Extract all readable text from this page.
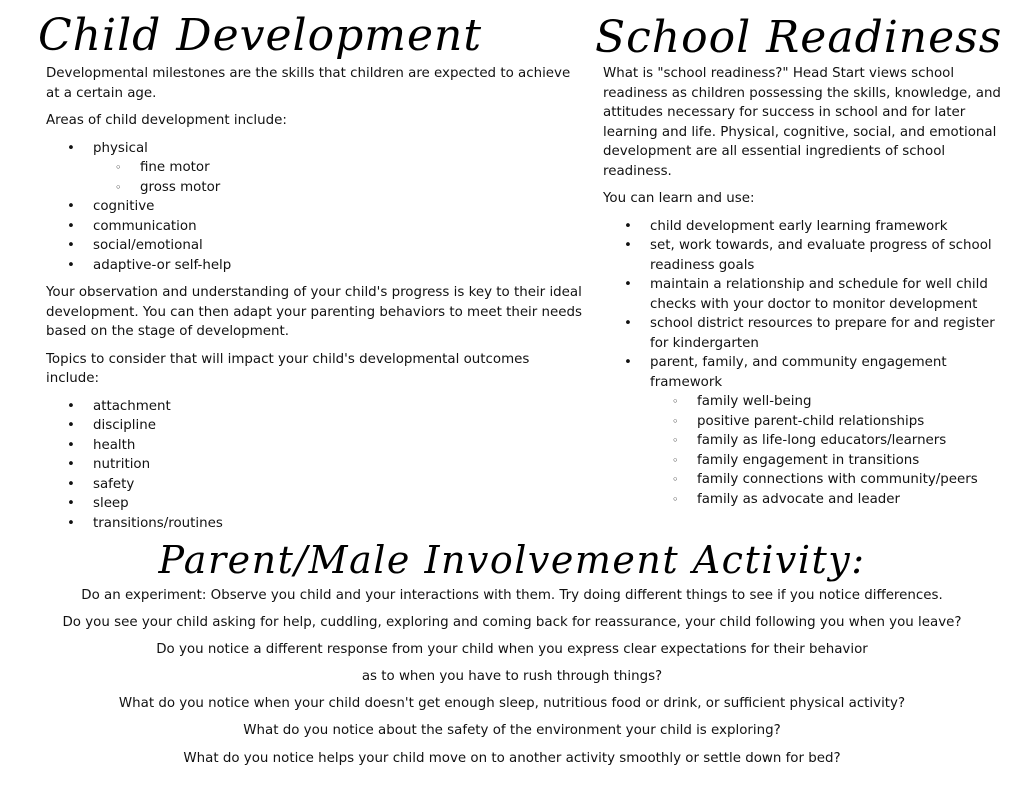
Child Development

Developmental milestones are the skills that children are expected to achieve at a certain age.

Areas of child development include:

• physical
◦ fine motor
◦ gross motor
• cognitive
• communication
• social/emotional
• adaptive-or self-help

Your observation and understanding of your child's progress is key to their ideal development. You can then adapt your parenting behaviors to meet their needs based on the stage of development.

Topics to consider that will impact your child's developmental outcomes include:

• attachment
• discipline
• health
• nutrition
• safety
• sleep
• transitions/routines
School Readiness

What is "school readiness?" Head Start views school readiness as children possessing the skills, knowledge, and attitudes necessary for success in school and for later learning and life. Physical, cognitive, social, and emotional development are all essential ingredients of school readiness.

You can learn and use:

• child development early learning framework
• set, work towards, and evaluate progress of school readiness goals
• maintain a relationship and schedule for well child checks with your doctor to monitor development
• school district resources to prepare for and register for kindergarten
• parent, family, and community engagement framework
◦ family well-being
◦ positive parent-child relationships
◦ family as life-long educators/learners
◦ family engagement in transitions
◦ family connections with community/peers
◦ family as advocate and leader
Parent/Male Involvement Activity:
Do an experiment: Observe you child and your interactions with them. Try doing different things to see if you notice differences.
Do you see your child asking for help, cuddling, exploring and coming back for reassurance, your child following you when you leave?
Do you notice a different response from your child when you express clear expectations for their behavior
as to when you have to rush through things?
What do you notice when your child doesn't get enough sleep, nutritious food or drink, or sufficient physical activity?
What do you notice about the safety of the environment your child is exploring?
What do you notice helps your child move on to another activity smoothly or settle down for bed?
